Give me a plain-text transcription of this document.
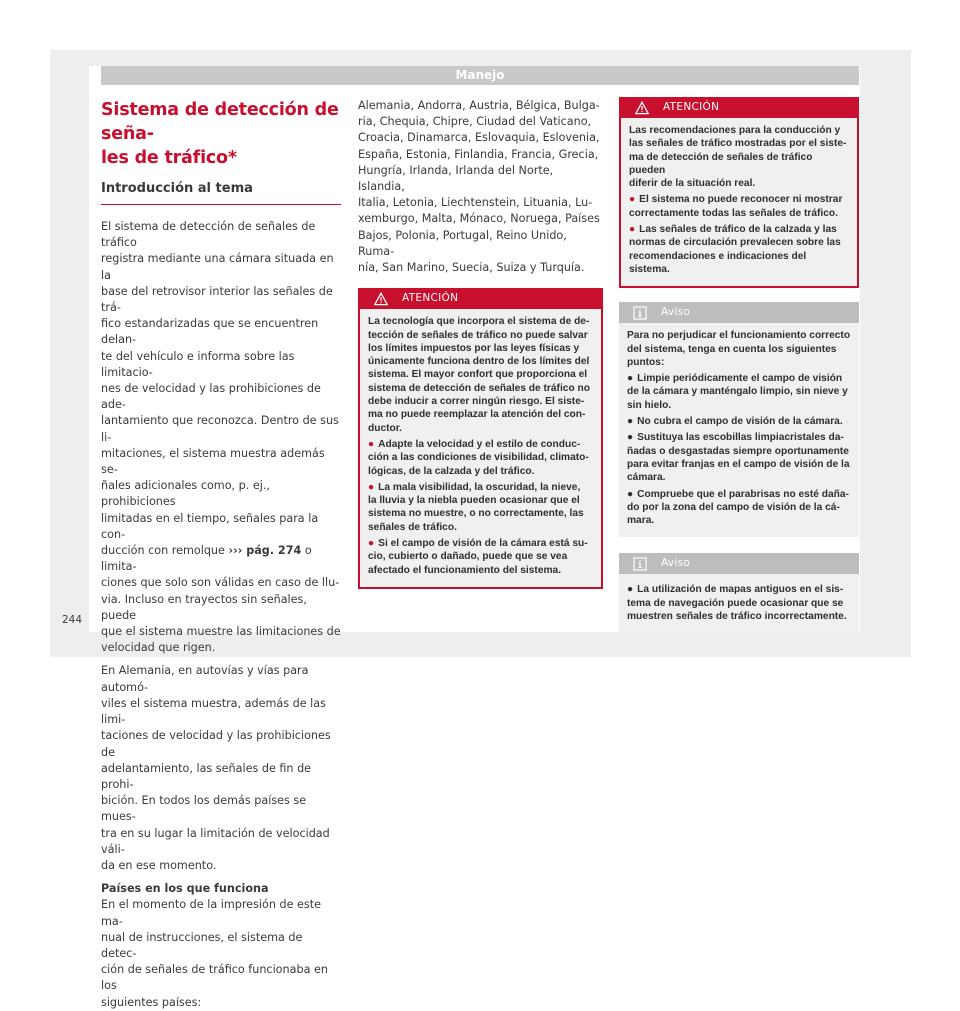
Manejo
Sistema de detección de seña-
les de tráfico*
Introducción al tema

El sistema de detección de señales de tráfico
registra mediante una cámara situada en la
base del retrovisor interior las señales de trá-
fico estandarizadas que se encuentren delan-
te del vehículo e informa sobre las limitacio-
nes de velocidad y las prohibiciones de ade-
lantamiento que reconozca. Dentro de sus li-
mitaciones, el sistema muestra además se-
ñales adicionales como, p. ej., prohibiciones
limitadas en el tiempo, señales para la con-
ducción con remolque ››› pág. 274 o limita-
ciones que solo son válidas en caso de llu-
via. Incluso en trayectos sin señales, puede
que el sistema muestre las limitaciones de
velocidad que rigen.

En Alemania, en autovías y vías para automó-
viles el sistema muestra, además de las limi-
taciones de velocidad y las prohibiciones de
adelantamiento, las señales de fin de prohi-
bición. En todos los demás países se mues-
tra en su lugar la limitación de velocidad váli-
da en ese momento.

Países en los que funciona

En el momento de la impresión de este ma-
nual de instrucciones, el sistema de detec-
ción de señales de tráfico funcionaba en los
siguientes países:

Alemania, Andorra, Austria, Bélgica, Bulga-
ria, Chequia, Chipre, Ciudad del Vaticano,
Croacia, Dinamarca, Eslovaquia, Eslovenia,
España, Estonia, Finlandia, Francia, Grecia,
Hungría, Irlanda, Irlanda del Norte, Islandia,
Italia, Letonia, Liechtenstein, Lituania, Lu-
xemburgo, Malta, Mónaco, Noruega, Países
Bajos, Polonia, Portugal, Reino Unido, Ruma-
nía, San Marino, Suecia, Suiza y Turquía.

ATENCIÓN

La tecnología que incorpora el sistema de de-
tección de señales de tráfico no puede salvar
los límites impuestos por las leyes físicas y
únicamente funciona dentro de los límites del
sistema. El mayor confort que proporciona el
sistema de detección de señales de tráfico no
debe inducir a correr ningún riesgo. El siste-
ma no puede reemplazar la atención del con-
ductor.

● Adapte la velocidad y el estilo de conduc-
ción a las condiciones de visibilidad, climato-
lógicas, de la calzada y del tráfico.
● La mala visibilidad, la oscuridad, la nieve,
la lluvia y la niebla pueden ocasionar que el
sistema no muestre, o no correctamente, las
señales de tráfico.
● Si el campo de visión de la cámara está su-
cio, cubierto o dañado, puede que se vea
afectado el funcionamiento del sistema.
ATENCIÓN

Las recomendaciones para la conducción y
las señales de tráfico mostradas por el siste-
ma de detección de señales de tráfico pueden
diferir de la situación real.

● El sistema no puede reconocer ni mostrar
correctamente todas las señales de tráfico.
● Las señales de tráfico de la calzada y las
normas de circulación prevalecen sobre las
recomendaciones e indicaciones del sistema.
Aviso

Para no perjudicar el funcionamiento correcto
del sistema, tenga en cuenta los siguientes
puntos:

● Limpie periódicamente el campo de visión
de la cámara y manténgalo limpio, sin nieve y
sin hielo.
● No cubra el campo de visión de la cámara.
● Sustituya las escobillas limpiacristales da-
ñadas o desgastadas siempre oportunamente
para evitar franjas en el campo de visión de la
cámara.
● Compruebe que el parabrisas no esté daña-
do por la zona del campo de visión de la cá-
mara.
Aviso
● La utilización de mapas antiguos en el sis-
tema de navegación puede ocasionar que se
muestren señales de tráfico incorrectamente.
244
